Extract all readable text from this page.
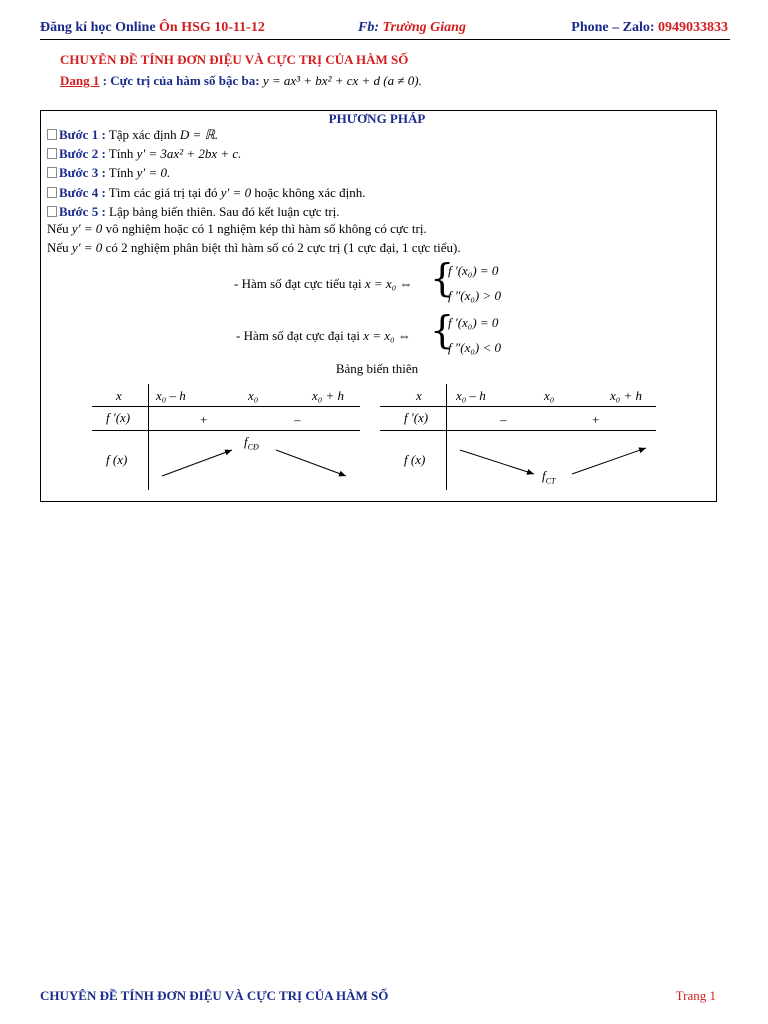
Đăng kí học Online Ôn HSG 10-11-12	Fb: Trường Giang	Phone – Zalo: 0949033833
CHUYÊN ĐỀ TÍNH ĐƠN ĐIỆU VÀ CỰC TRỊ CỦA HÀM SỐ
Dang 1 : Cực trị của hàm số bậc ba: y = ax³ + bx² + cx + d (a ≠ 0).
PHƯƠNG PHÁP
Bước 1 : Tập xác định D = ℝ.
Bước 2 : Tính y' = 3ax² + 2bx + c.
Bước 3 : Tính y′ = 0.
Bước 4 : Tìm các giá trị tại đó y′ = 0 hoặc không xác định.
Bước 5 : Lập bảng biến thiên. Sau đó kết luận cực trị.
Nếu y′ = 0 vô nghiệm hoặc có 1 nghiệm kép thì hàm số không có cực trị.
Nếu y′ = 0 có 2 nghiệm phân biệt thì hàm số có 2 cực trị (1 cực đại, 1 cực tiểu).
- Hàm số đạt cực tiểu tại x = x₀ ⇔ {
f ′(x₀) = 0
f ″(x₀) > 0
- Hàm số đạt cực đại tại x = x₀ ⇔ {
f ′(x₀) = 0
f ″(x₀) < 0
Bảng biến thiên
x	x₀ – h	x₀	x₀ + h
f ′(x)	+	–
f (x)
$f_{CĐ}$
x	x₀ – h	x₀	x₀ + h
f ′(x)	–	+
f (x)
$f_{CT}$
CHUYÊN ĐỀ TÍNH ĐƠN ĐIỆU VÀ CỰC TRỊ CỦA HÀM SỐ	Trang 1
